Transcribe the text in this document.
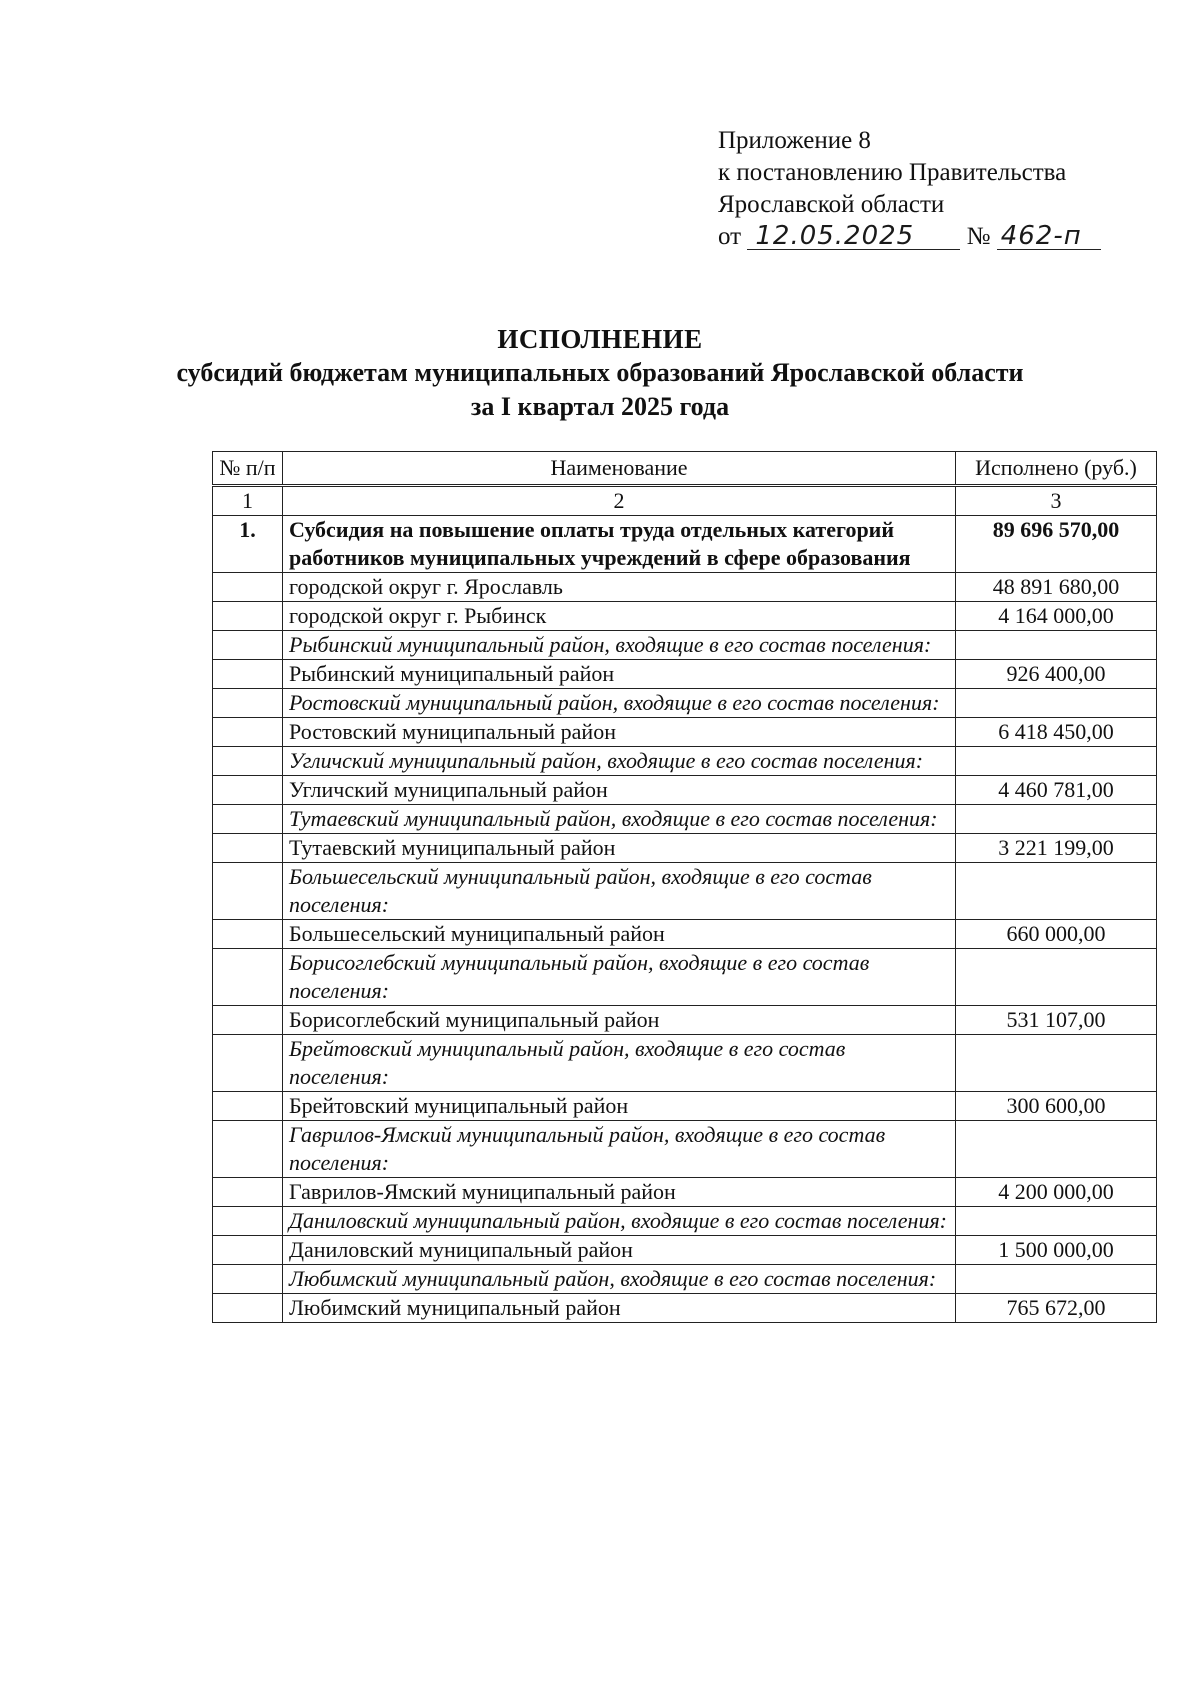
Приложение 8
к постановлению Правительства
Ярославской области
от 12.05.2025 № 462-п
ИСПОЛНЕНИЕ
субсидий бюджетам муниципальных образований Ярославской области
за I квартал 2025 года
№ п/п	Наименование	Исполнено (руб.)
1	2	3
1.	Субсидия на повышение оплаты труда отдельных категорий работников муниципальных учреждений в сфере образования	89 696 570,00
	городской округ г. Ярославль	48 891 680,00
	городской округ г. Рыбинск	4 164 000,00
	Рыбинский муниципальный район, входящие в его состав поселения:	
	Рыбинский муниципальный район	926 400,00
	Ростовский муниципальный район, входящие в его состав поселения:	
	Ростовский муниципальный район	6 418 450,00
	Угличский муниципальный район, входящие в его состав поселения:	
	Угличский муниципальный район	4 460 781,00
	Тутаевский муниципальный район, входящие в его состав поселения:	
	Тутаевский муниципальный район	3 221 199,00
	Большесельский муниципальный район, входящие в его состав поселения:	
	Большесельский муниципальный район	660 000,00
	Борисоглебский муниципальный район, входящие в его состав поселения:	
	Борисоглебский муниципальный район	531 107,00
	Брейтовский муниципальный район, входящие в его состав поселения:	
	Брейтовский муниципальный район	300 600,00
	Гаврилов-Ямский муниципальный район, входящие в его состав поселения:	
	Гаврилов-Ямский муниципальный район	4 200 000,00
	Даниловский муниципальный район, входящие в его состав поселения:	
	Даниловский муниципальный район	1 500 000,00
	Любимский муниципальный район, входящие в его состав поселения:	
	Любимский муниципальный район	765 672,00
